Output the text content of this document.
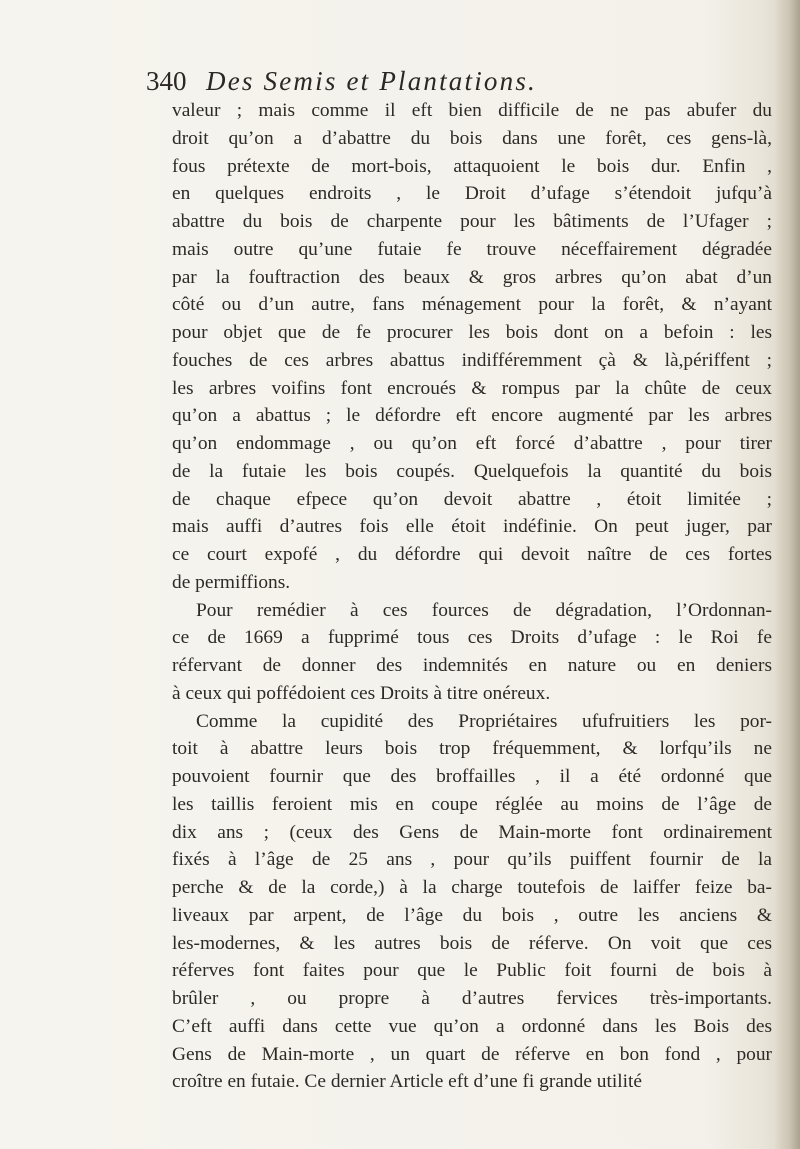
340 Des Semis et Plantations.
valeur ; mais comme il eft bien difficile de ne pas abufer du
droit qu’on a d’abattre du bois dans une forêt, ces gens-là,
fous prétexte de mort-bois, attaquoient le bois dur. Enfin ,
en quelques endroits , le Droit d’ufage s’étendoit jufqu’à
abattre du bois de charpente pour les bâtiments de l’Ufager ;
mais outre qu’une futaie fe trouve néceffairement dégradée
par la fouftraction des beaux & gros arbres qu’on abat d’un
côté ou d’un autre, fans ménagement pour la forêt, & n’ayant
pour objet que de fe procurer les bois dont on a befoin : les
fouches de ces arbres abattus indifféremment çà & là,périffent ;
les arbres voifins font encroués & rompus par la chûte de ceux
qu’on a abattus ; le défordre eft encore augmenté par les arbres
qu’on endommage , ou qu’on eft forcé d’abattre , pour tirer
de la futaie les bois coupés. Quelquefois la quantité du bois
de chaque efpece qu’on devoit abattre , étoit limitée ;
mais auffi d’autres fois elle étoit indéfinie. On peut juger, par
ce court expofé , du défordre qui devoit naître de ces fortes
de permiffions.
Pour remédier à ces fources de dégradation, l’Ordonnan-
ce de 1669 a fupprimé tous ces Droits d’ufage : le Roi fe
réfervant de donner des indemnités en nature ou en deniers
à ceux qui poffédoient ces Droits à titre onéreux.
Comme la cupidité des Propriétaires ufufruitiers les por-
toit à abattre leurs bois trop fréquemment, & lorfqu’ils ne
pouvoient fournir que des broffailles , il a été ordonné que
les taillis feroient mis en coupe réglée au moins de l’âge de
dix ans ; (ceux des Gens de Main-morte font ordinairement
fixés à l’âge de 25 ans , pour qu’ils puiffent fournir de la
perche & de la corde,) à la charge toutefois de laiffer feize ba-
liveaux par arpent, de l’âge du bois , outre les anciens &
les-modernes, & les autres bois de réferve. On voit que ces
réferves font faites pour que le Public foit fourni de bois à
brûler , ou propre à d’autres fervices très-importants.
C’eft auffi dans cette vue qu’on a ordonné dans les Bois des
Gens de Main-morte , un quart de réferve en bon fond , pour
croître en futaie. Ce dernier Article eft d’une fi grande utilité
